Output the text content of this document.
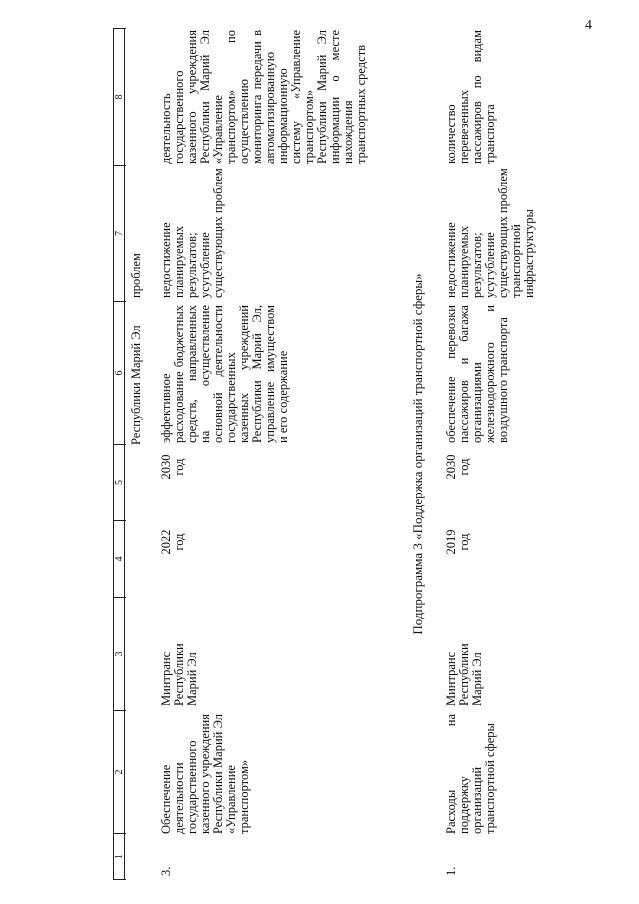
4
1
2
3
4
5
6
7
8
Республики Марий Эл
проблем
3.
Обеспечение деятельности государственного казенного учреждения Республики Марий Эл «Управление транспортом»
Минтранс Республики Марий Эл
2022 год
2030 год
эффективное расходование бюджетных средств, направленных на осуществление основной деятельности государственных казенных учреждений Республики Марий Эл, управление имуществом и его содержание
недостижение планируемых результатов; усугубление существующих проблем
деятельность государственного казенного учреждения Республики Марий Эл «Управление транспортом» по осуществлению мониторинга передачи в автоматизированную информационную систему «Управление транспортом» Республики Марий Эл информации о месте нахождения транспортных средств
Подпрограмма 3 «Поддержка организаций транспортной сферы»
1.
Расходы на поддержку организаций транспортной сферы
Минтранс Республики Марий Эл
2019 год
2030 год
обеспечение перевозки пассажиров и багажа организациями железнодорожного и воздушного транспорта
недостижение планируемых результатов; усугубление существующих проблем транспортной инфраструктуры
количество перевезенных пассажиров по видам транспорта
